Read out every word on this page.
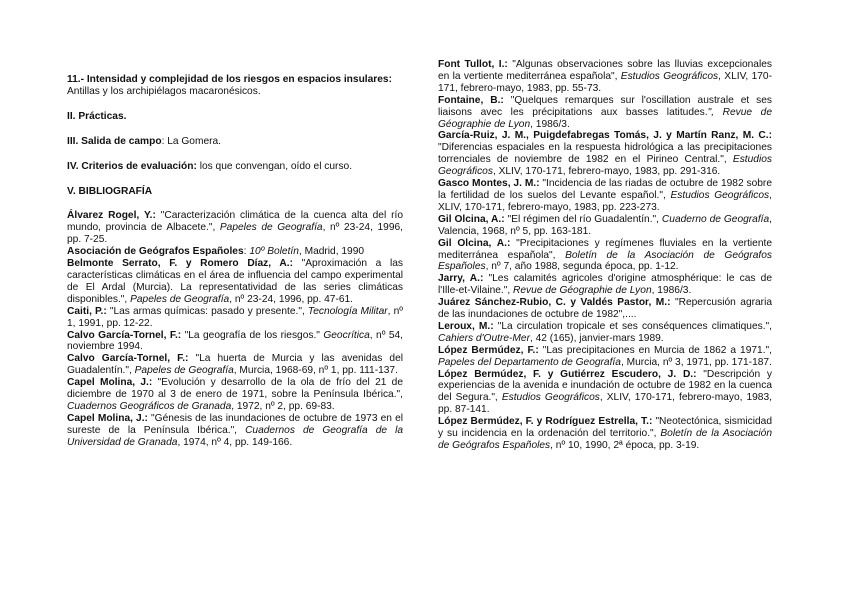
11.- Intensidad y complejidad de los riesgos en espacios insulares:
Antillas y los archipiélagos macaronésicos.
II. Prácticas.
III. Salida de campo: La Gomera.
IV. Criterios de evaluación: los que convengan, oído el curso.
V. BIBLIOGRAFÍA
Álvarez Rogel, Y.: "Caracterización climática de la cuenca alta del río mundo, provincia de Albacete.", Papeles de Geografía, nº 23-24, 1996, pp. 7-25.
Asociación de Geógrafos Españoles: 10º Boletín, Madrid, 1990
Belmonte Serrato, F. y Romero Díaz, A.: "Aproximación a las características climáticas en el área de influencia del campo experimental de El Ardal (Murcia). La representatividad de las series climáticas disponibles.", Papeles de Geografía, nº 23-24, 1996, pp. 47-61.
Caiti, P.: "Las armas químicas: pasado y presente.", Tecnología Militar, nº 1, 1991, pp. 12-22.
Calvo García-Tornel, F.: "La geografía de los riesgos." Geocrítica, nº 54, noviembre 1994.
Calvo García-Tornel, F.: "La huerta de Murcia y las avenidas del Guadalentín.", Papeles de Geografía, Murcia, 1968-69, nº 1, pp. 111-137.
Capel Molina, J.: "Evolución y desarrollo de la ola de frío del 21 de diciembre de 1970 al 3 de enero de 1971, sobre la Península Ibérica.", Cuadernos Geográficos de Granada, 1972, nº 2, pp. 69-83.
Capel Molina, J.: "Génesis de las inundaciones de octubre de 1973 en el sureste de la Península Ibérica.", Cuadernos de Geografía de la Universidad de Granada, 1974, nº 4, pp. 149-166.
Font Tullot, I.: "Algunas observaciones sobre las lluvias excepcionales en la vertiente mediterránea española", Estudios Geográficos, XLIV, 170-171, febrero-mayo, 1983, pp. 55-73.
Fontaine, B.: "Quelques remarques sur l'oscillation australe et ses liaisons avec les précipitations aux basses latitudes.", Revue de Géographie de Lyon, 1986/3.
García-Ruiz, J. M., Puigdefabregas Tomás, J. y Martín Ranz, M. C.: "Diferencias espaciales en la respuesta hidrológica a las precipitaciones torrenciales de noviembre de 1982 en el Pirineo Central.", Estudios Geográficos, XLIV, 170-171, febrero-mayo, 1983, pp. 291-316.
Gasco Montes, J. M.: "Incidencia de las riadas de octubre de 1982 sobre la fertilidad de los suelos del Levante español.", Estudios Geográficos, XLIV, 170-171, febrero-mayo, 1983, pp. 223-273.
Gil Olcina, A.: "El régimen del río Guadalentín.", Cuaderno de Geografía, Valencia, 1968, nº 5, pp. 163-181.
Gil Olcina, A.: "Precipitaciones y regímenes fluviales en la vertiente mediterránea española", Boletín de la Asociación de Geógrafos Españoles, nº 7, año 1988, segunda época, pp. 1-12.
Jarry, A.: "Les calamités agricoles d'origine atmosphérique: le cas de l'Ille-et-Vilaine.", Revue de Géographie de Lyon, 1986/3.
Juárez Sánchez-Rubio, C. y Valdés Pastor, M.: "Repercusión agraria de las inundaciones de octubre de 1982",....
Leroux, M.: "La circulation tropicale et ses conséquences climatiques.", Cahiers d'Outre-Mer, 42 (165), janvier-mars 1989.
López Bermúdez, F.: "Las precipitaciones en Murcia de 1862 a 1971.", Papeles del Departamento de Geografía, Murcia, nº 3, 1971, pp. 171-187.
López Bermúdez, F. y Gutiérrez Escudero, J. D.: "Descripción y experiencias de la avenida e inundación de octubre de 1982 en la cuenca del Segura.", Estudios Geográficos, XLIV, 170-171, febrero-mayo, 1983, pp. 87-141.
López Bermúdez, F. y Rodríguez Estrella, T.: "Neotectónica, sismicidad y su incidencia en la ordenación del territorio.", Boletín de la Asociación de Geógrafos Españoles, nº 10, 1990, 2ª época, pp. 3-19.
